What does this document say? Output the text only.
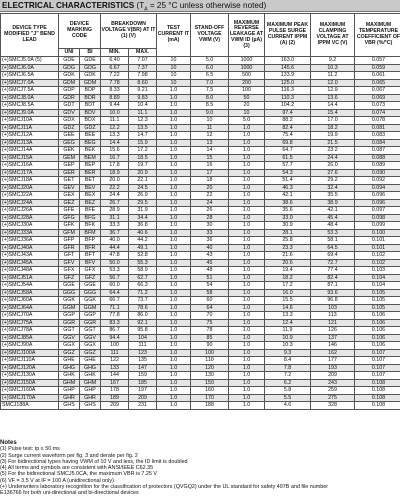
ELECTRICAL CHARACTERISTICS ($T_A = 25$ °C unless otherwise noted)
DEVICE TYPE MODIFIED "J" BEND LEAD	DEVICE MARKING CODE		BREAKDOWN VOLTAGE V(BR) AT IT (1) (V)		TEST CURRENT IT (mA)	STAND-OFF VOLTAGE VWM (V)	MAXIMUM REVERSE LEAKAGE AT VWM ID (µA) (3)	MAXIMUM PEAK PULSE SURGE CURRENT IPPM (A) (2)	MAXIMUM CLAMPING VOLTAGE AT IPPM VC (V)	MAXIMUM TEMPERATURE COEFFICIENT OF VBR (%/°C)
	UNI	BI	MIN.	MAX.						
(+)SMCJ5.0A (5)	GDE	GDE	6.40	7.07	10	5.0	1000	163.0	9.2	0.057
(+)SMCJ6.0A	GDG	GDG	6.67	7.37	10	6.0	1000	145.6	10.3	0.059
(+)SMCJ6.5A	GDK	GDK	7.22	7.98	10	6.5	500	133.9	11.2	0.061
(+)SMCJ7.0A	GDM	GDM	7.78	8.60	10	7.0	200	125.0	12.0	0.065
(+)SMCJ7.5A	GDP	BDP	8.33	9.21	1.0	7.5	100	116.3	12.9	0.067
(+)SMCJ8.0A	GDR	BDR	8.89	9.83	1.0	8.0	50	110.3	13.6	0.069
(+)SMCJ8.5A	GDT	BDT	9.44	10.4	1.0	8.5	20	104.2	14.4	0.073
(+)SMCJ9.0A	GDV	BDV	10.0	11.1	1.0	9.0	10	97.4	15.4	0.074
(+)SMCJ10A	GDX	BDX	11.1	12.3	1.0	10	5.0	88.2	17.0	0.078
(+)SMCJ11A	GDZ	GDZ	12.2	13.5	1.0	11	1.0	82.4	18.2	0.081
(+)SMCJ12A	GEE	BEE	13.3	14.7	1.0	12	1.0	75.4	19.9	0.083
(+)SMCJ13A	GEG	BEG	14.4	15.9	1.0	13	1.0	69.8	21.5	0.084
(+)SMCJ14A	GEK	BEK	15.6	17.2	1.0	14	1.0	64.7	23.2	0.087
(+)SMCJ15A	GEM	BEM	16.7	18.5	1.0	15	1.0	61.5	24.4	0.088
(+)SMCJ16A	GEP	BEP	17.8	19.7	1.0	16	1.0	57.7	26.0	0.089
(+)SMCJ17A	GER	BER	18.9	20.9	1.0	17	1.0	54.3	27.6	0.090
(+)SMCJ18A	GET	BET	20.0	22.1	1.0	18	1.0	51.4	29.2	0.092
(+)SMCJ20A	GEV	BEV	22.2	24.5	1.0	20	1.0	46.3	32.4	0.094
(+)SMCJ22A	GEX	BEX	24.4	26.9	1.0	22	1.0	42.1	35.5	0.096
(+)SMCJ24A	GEZ	BEZ	26.7	29.5	1.0	24	1.0	38.6	38.9	0.096
(+)SMCJ26A	GFE	BFE	28.9	31.9	1.0	26	1.0	35.6	42.1	0.097
(+)SMCJ28A	GFG	BFG	31.1	34.4	1.0	28	1.0	33.0	45.4	0.098
(+)SMCJ30A	GFK	BFK	33.3	36.8	1.0	30	1.0	30.9	48.4	0.099
(+)SMCJ33A	GFM	BFM	36.7	40.6	1.0	33	1.0	28.1	53.3	0.100
(+)SMCJ36A	GFP	BFP	40.0	44.2	1.0	36	1.0	25.8	58.1	0.101
(+)SMCJ40A	GFR	BFR	44.4	49.1	1.0	40	1.0	23.3	64.5	0.101
(+)SMCJ43A	GFT	BFT	47.8	52.8	1.0	43	1.0	21.6	69.4	0.102
(+)SMCJ45A	GFV	BFV	50.0	55.3	1.0	45	1.0	20.6	72.7	0.102
(+)SMCJ48A	GFX	GFX	53.3	58.9	1.0	48	1.0	19.4	77.4	0.103
(+)SMCJ51A	GFZ	GFZ	56.7	62.7	1.0	51	1.0	18.2	82.4	0.104
(+)SMCJ54A	GGE	GGE	60.0	66.3	1.0	54	1.0	17.2	87.1	0.104
(+)SMCJ58A	GGG	GGG	64.4	71.2	1.0	58	1.0	16.0	93.6	0.105
(+)SMCJ60A	GGK	GGK	66.7	73.7	1.0	60	1.0	15.5	96.8	0.105
(+)SMCJ64A	GGM	GGM	71.1	78.6	1.0	64	1.0	14.6	103	0.105
(+)SMCJ70A	GGP	GGP	77.8	86.0	1.0	70	1.0	13.3	113	0.106
(+)SMCJ75A	GGR	GGR	83.3	92.1	1.0	75	1.0	12.4	121	0.106
(+)SMCJ78A	GGT	GGT	86.7	95.8	1.0	78	1.0	11.9	126	0.106
(+)SMCJ85A	GGV	GGV	94.4	104	1.0	85	1.0	10.9	137	0.106
(+)SMCJ90A	GGX	GGX	100	111	1.0	90	1.0	10.3	146	0.106
(+)SMCJ100A	GGZ	GGZ	111	123	1.0	100	1.0	9.3	162	0.107
(+)SMCJ110A	GHE	GHE	122	135	1.0	110	1.0	8.4	177	0.107
(+)SMCJ120A	GHG	GHG	133	147	1.0	120	1.0	7.8	193	0.107
(+)SMCJ130A	GHK	GHK	144	159	1.0	130	1.0	7.2	209	0.107
(+)SMCJ150A	GHM	GHM	167	185	1.0	150	1.0	6.2	243	0.108
(+)SMCJ160A	GHP	GHP	178	197	1.0	160	1.0	5.8	259	0.108
(+)SMCJ170A	GHR	GHR	189	209	1.0	170	1.0	5.5	275	0.108
SMCJ188A	GHS	GHS	209	231	1.0	188	1.0	4.6	328	0.108
Notes
(1) Pulse test: tp ≤ 50 ms
(2) Surge current waveform per fig. 3 and derate per fig. 2
(3) For bidirectional types having VWM of 10 V and less, the ID limit is doubled
(4) All terms and symbols are consistent with ANSI/IEEE C62.35
(5) For the bidirectional SMCJ5.0CA, the maximum VBR is 7.25 V
(6) VF = 3.5 V at IF = 100 A (unidirectional only)
(+) Underwriters laboratory recognition for the classification of protectors (QVGQ2) under the UL standard for safety 497B and file number
E136766 for both uni-directional and bi-directional devices
